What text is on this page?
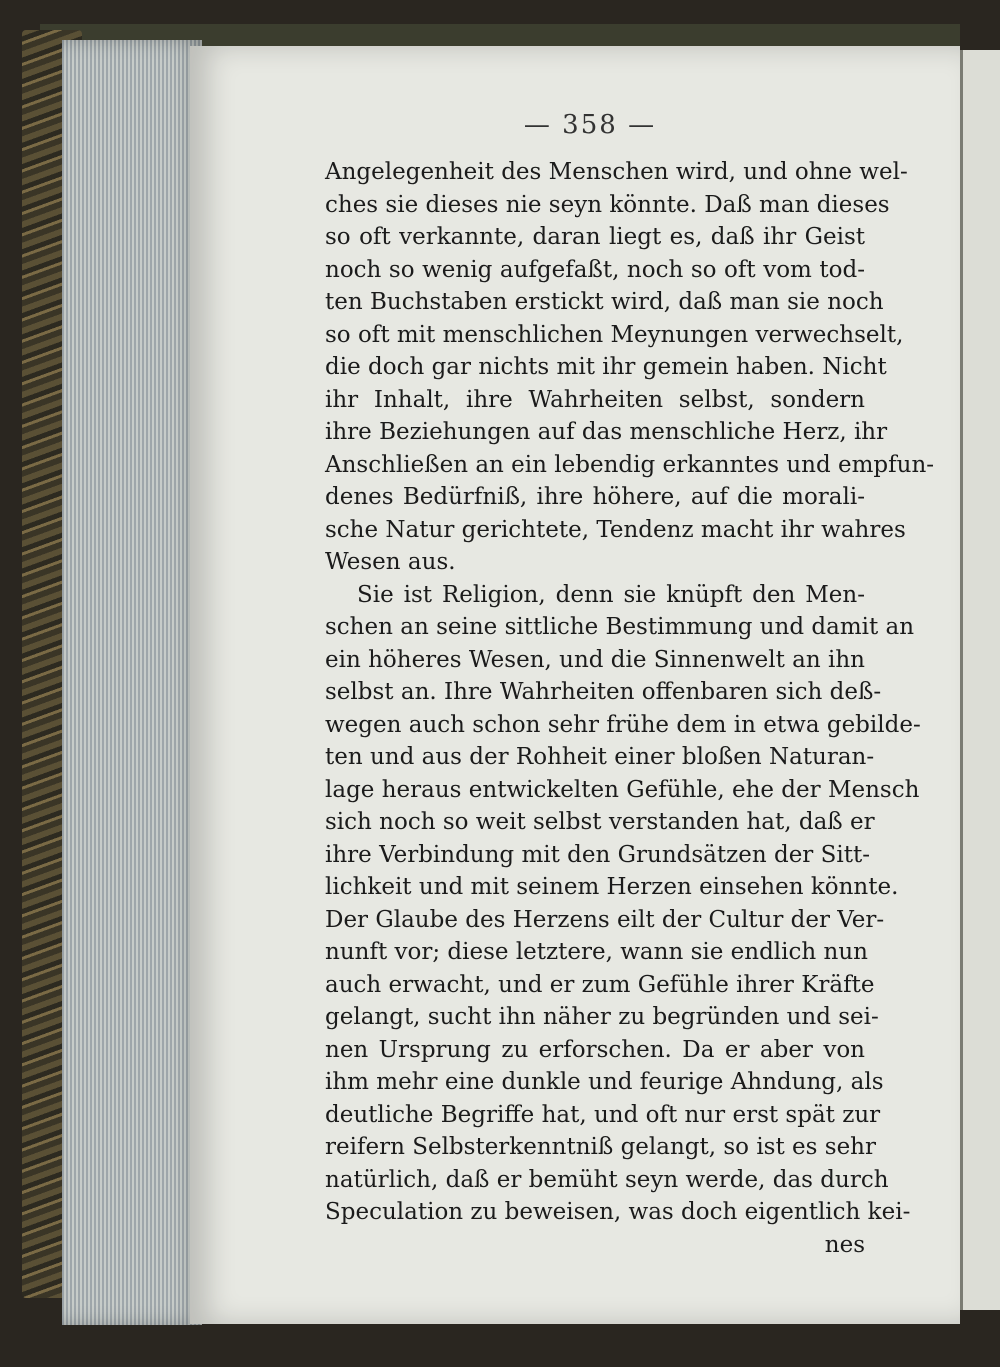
— 358 —
Angelegenheit des Menschen wird, und ohne wel-
ches sie dieses nie seyn könnte. Daß man dieses
so oft verkannte, daran liegt es, daß ihr Geist
noch so wenig aufgefaßt, noch so oft vom tod-
ten Buchstaben erstickt wird, daß man sie noch
so oft mit menschlichen Meynungen verwechselt,
die doch gar nichts mit ihr gemein haben. Nicht
ihr Inhalt, ihre Wahrheiten selbst, sondern
ihre Beziehungen auf das menschliche Herz, ihr
Anschließen an ein lebendig erkanntes und empfun-
denes Bedürfniß, ihre höhere, auf die morali-
sche Natur gerichtete, Tendenz macht ihr wahres
Wesen aus.
Sie ist Religion, denn sie knüpft den Men-
schen an seine sittliche Bestimmung und damit an
ein höheres Wesen, und die Sinnenwelt an ihn
selbst an. Ihre Wahrheiten offenbaren sich deß-
wegen auch schon sehr frühe dem in etwa gebilde-
ten und aus der Rohheit einer bloßen Naturan-
lage heraus entwickelten Gefühle, ehe der Mensch
sich noch so weit selbst verstanden hat, daß er
ihre Verbindung mit den Grundsätzen der Sitt-
lichkeit und mit seinem Herzen einsehen könnte.
Der Glaube des Herzens eilt der Cultur der Ver-
nunft vor; diese letztere, wann sie endlich nun
auch erwacht, und er zum Gefühle ihrer Kräfte
gelangt, sucht ihn näher zu begründen und sei-
nen Ursprung zu erforschen. Da er aber von
ihm mehr eine dunkle und feurige Ahndung, als
deutliche Begriffe hat, und oft nur erst spät zur
reifern Selbsterkenntniß gelangt, so ist es sehr
natürlich, daß er bemüht seyn werde, das durch
Speculation zu beweisen, was doch eigentlich kei-
nes
